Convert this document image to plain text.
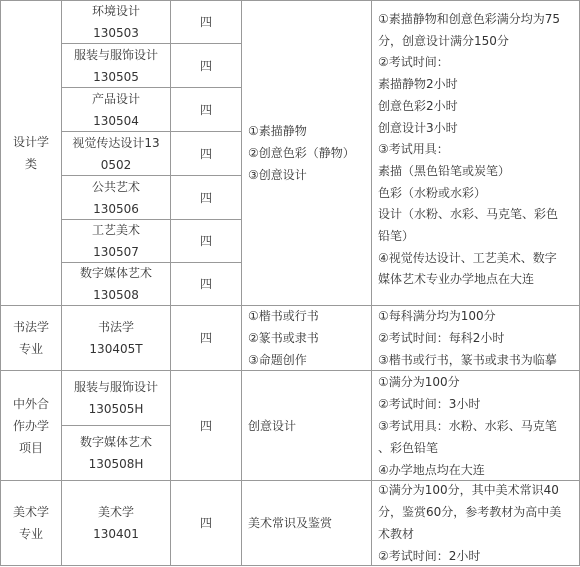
设计学
类
环境设计
130503
四
服装与服饰设计
130505
四
产品设计
130504
四
视觉传达设计13
0502
四
公共艺术
130506
四
工艺美术
130507
四
数字媒体艺术
130508
四
①素描静物
②创意色彩（静物）
③创意设计
①素描静物和创意色彩满分均为75
分，创意设计满分150分
②考试时间：
素描静物2小时
创意色彩2小时
创意设计3小时
③考试用具：
素描（黑色铅笔或炭笔）
色彩（水粉或水彩）
设计（水粉、水彩、马克笔、彩色
铅笔）
④视觉传达设计、工艺美术、数字
媒体艺术专业办学地点在大连
书法学
专业
书法学
130405T
四
①楷书或行书
②篆书或隶书
③命题创作
①每科满分均为100分
②考试时间：每科2小时
③楷书或行书，篆书或隶书为临摹
中外合
作办学
项目
服装与服饰设计
130505H
数字媒体艺术
130508H
四	创意设计
①满分为100分
②考试时间：3小时
③考试用具：水粉、水彩、马克笔
、彩色铅笔
④办学地点均在大连
美术学
专业
美术学
130401
四	美术常识及鉴赏
①满分为100分，其中美术常识40
分，鉴赏60分，参考教材为高中美
术教材
②考试时间：2小时
